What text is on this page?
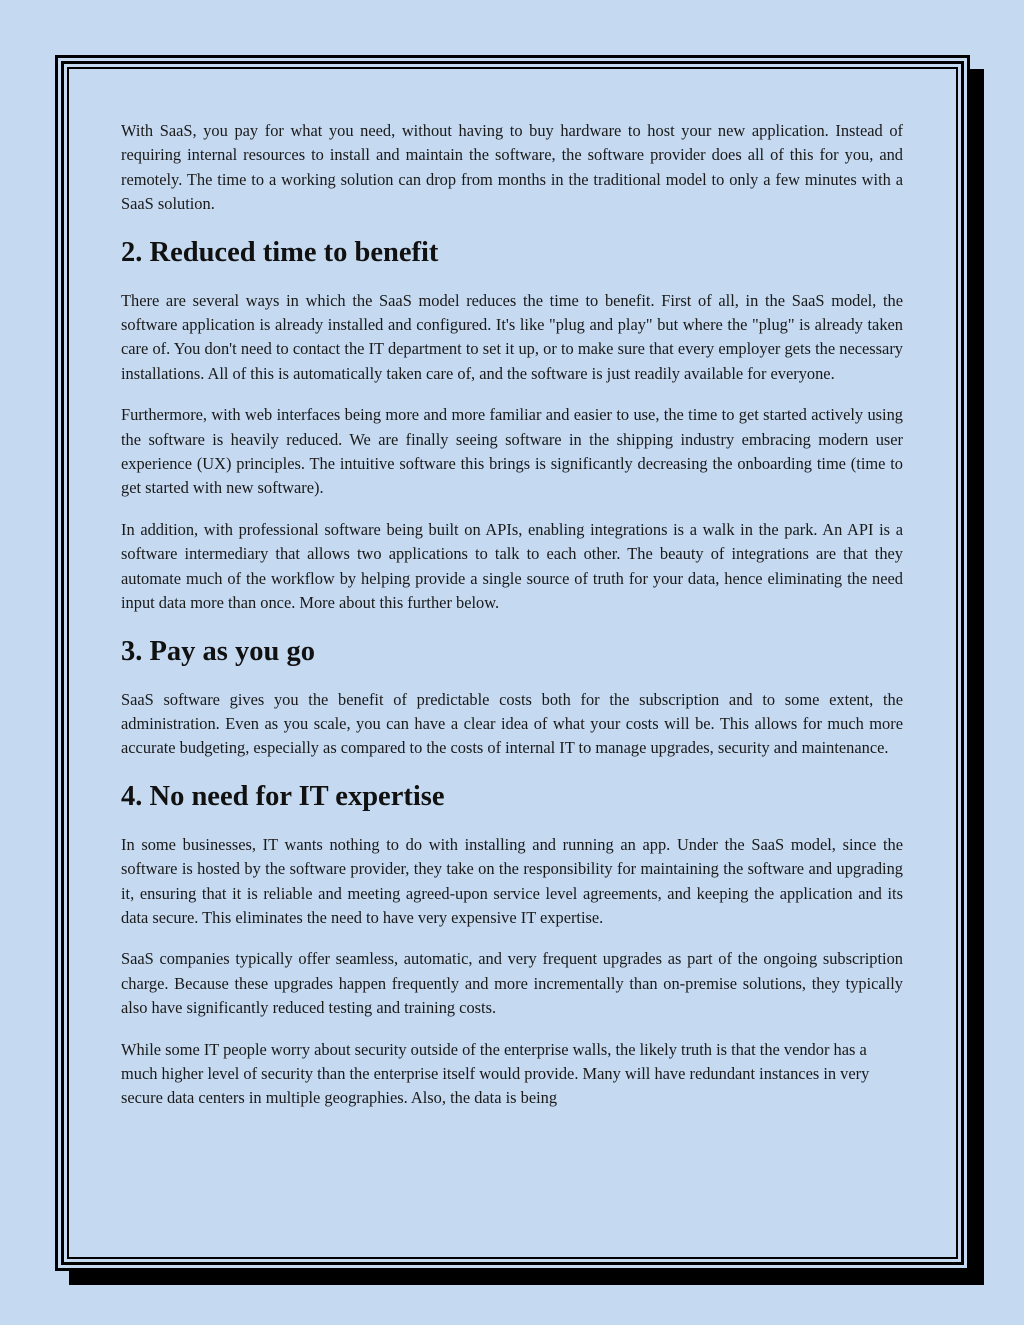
With SaaS, you pay for what you need, without having to buy hardware to host your new application. Instead of requiring internal resources to install and maintain the software, the software provider does all of this for you, and remotely. The time to a working solution can drop from months in the traditional model to only a few minutes with a SaaS solution.

2. Reduced time to benefit

There are several ways in which the SaaS model reduces the time to benefit. First of all, in the SaaS model, the software application is already installed and configured. It's like "plug and play" but where the "plug" is already taken care of. You don't need to contact the IT department to set it up, or to make sure that every employer gets the necessary installations. All of this is automatically taken care of, and the software is just readily available for everyone.

Furthermore, with web interfaces being more and more familiar and easier to use, the time to get started actively using the software is heavily reduced. We are finally seeing software in the shipping industry embracing modern user experience (UX) principles. The intuitive software this brings is significantly decreasing the onboarding time (time to get started with new software).

In addition, with professional software being built on APIs, enabling integrations is a walk in the park. An API is a software intermediary that allows two applications to talk to each other. The beauty of integrations are that they automate much of the workflow by helping provide a single source of truth for your data, hence eliminating the need input data more than once. More about this further below.

3. Pay as you go

SaaS software gives you the benefit of predictable costs both for the subscription and to some extent, the administration. Even as you scale, you can have a clear idea of what your costs will be. This allows for much more accurate budgeting, especially as compared to the costs of internal IT to manage upgrades, security and maintenance.

4. No need for IT expertise

In some businesses, IT wants nothing to do with installing and running an app. Under the SaaS model, since the software is hosted by the software provider, they take on the responsibility for maintaining the software and upgrading it, ensuring that it is reliable and meeting agreed-upon service level agreements, and keeping the application and its data secure. This eliminates the need to have very expensive IT expertise.

SaaS companies typically offer seamless, automatic, and very frequent upgrades as part of the ongoing subscription charge. Because these upgrades happen frequently and more incrementally than on-premise solutions, they typically also have significantly reduced testing and training costs.

While some IT people worry about security outside of the enterprise walls, the likely truth is that the vendor has a much higher level of security than the enterprise itself would provide. Many will have redundant instances in very secure data centers in multiple geographies. Also, the data is being
